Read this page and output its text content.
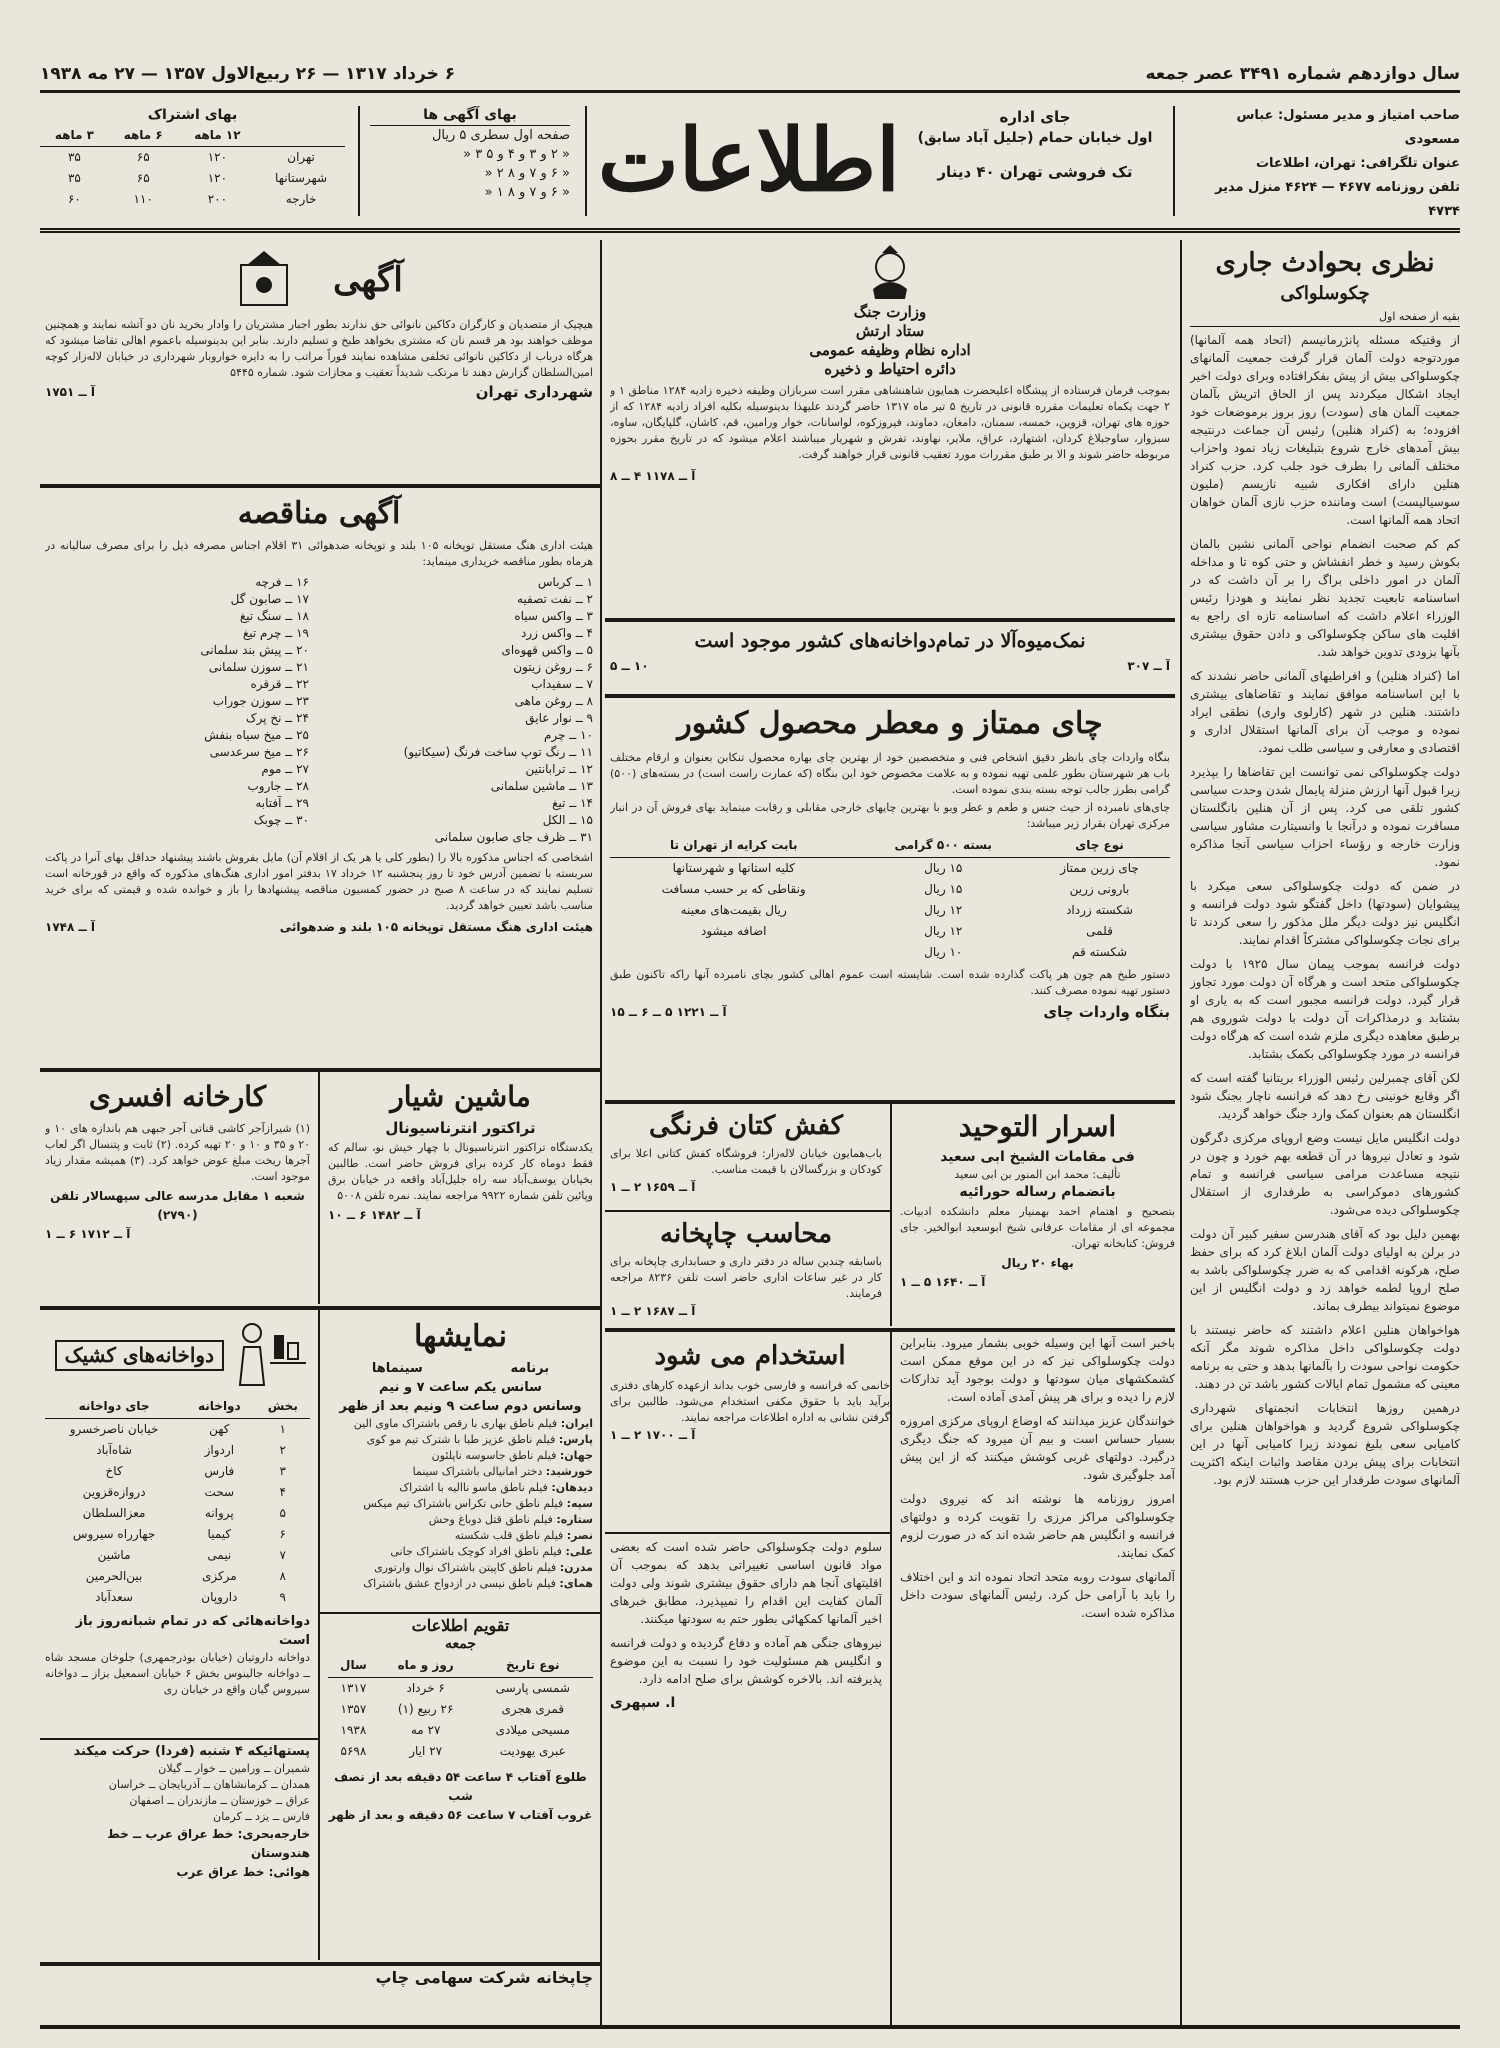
سال دوازدهم شماره ۳۴۹۱ عصر جمعه
۶ خرداد ۱۳۱۷ — ۲۶ ربیع‌الاول ۱۳۵۷ — ۲۷ مه ۱۹۳۸
صاحب امتیاز و مدیر مسئول: عباس مسعودی
عنوان تلگرافی: تهران، اطلاعات
تلفن روزنامه ۴۶۷۷ — ۴۶۲۴ منزل مدیر ۴۷۳۴
جای اداره
اول خیابان حمام (جلیل آباد سابق)
تک فروشی تهران ۴۰ دینار
اطلاعات
بهای آگهی ها
صفحه اول سطری ۵ ریال
« ۲ و ۳ و ۴ و ۵ ۳ «
« ۶ و ۷ و ۸ ۲ «
« ۶ و ۷ و ۸ ۱ «
بهای اشتراک
	۱۲ ماهه	۶ ماهه	۳ ماهه
تهران	۱۲۰	۶۵	۳۵
شهرستانها	۱۲۰	۶۵	۳۵
خارجه	۲۰۰	۱۱۰	۶۰
نظری بحوادث جاری
چکوسلواکی
بقیه از صفحه اول

از وقتیکه مسئله پانژرمانیسم (اتحاد همه آلمانها) موردتوجه دولت آلمان قرار گرفت جمعیت آلمانهای چکوسلواکی بیش از پیش بفکرافتاده وبرای دولت اخیر ایجاد اشکال میکردند پس از الحاق اتریش بآلمان جمعیت آلمان های (سودت) روز بروز برموضعات خود افزوده؛ به (کنراد هنلین) رئیس آن جماعت درنتیجه بیش آمدهای خارج شروع بتبلیغات زیاد نمود واحزاب مختلف آلمانی را بطرف خود جلب کرد. حزب کنراد هنلین دارای افکاری شبیه نازیسم (ملیون سوسیالیست) است وماننده حزب نازی آلمان خواهان اتحاد همه آلمانها است.

کم کم صحبت انضمام نواحی آلمانی نشین بالمان بکوش رسید و خطر انفشاش و حتی کوه تا و مداخله آلمان در امور داخلی براگ را بر آن داشت که در اساسنامه تابعیت تجدید نظر نمایند و هودزا رئیس الوزراء اعلام داشت که اساسنامه تازه ای راجع به اقلیت های ساکن چکوسلواکی و دادن حقوق بیشتری بآنها بزودی تدوین خواهد شد.

اما (کنراد هنلین) و افراطیهای آلمانی حاضر نشدند که با این اساسنامه موافق نمایند و تقاضاهای بیشتری داشتند. هنلین در شهر (کارلوی واری) نطقی ایراد نموده و موجب آن برای آلمانها استقلال اداری و اقتصادی و معارفی و سیاسی طلب نمود.

دولت چکوسلواکی نمی توانست این تقاضاها را بپذیرد زیرا قبول آنها ارزش منزلة پایمال شدن وحدت سیاسی کشور تلقی می کرد. پس از آن هنلین بانگلستان مسافرت نموده و درآنجا با وانسیتارت مشاور سیاسی وزارت خارجه و رؤساء احزاب سیاسی آنجا مذاکره نمود.

در ضمن که دولت چکوسلواکی سعی میکرد با پیشوایان (سودتها) داخل گفتگو شود دولت فرانسه و انگلیس نیز دولت دیگر ملل مذکور را سعی کردند تا برای نجات چکوسلواکی مشترکاً اقدام نمایند.

دولت فرانسه بموجب پیمان سال ۱۹۲۵ با دولت چکوسلواکی متحد است و هرگاه آن دولت مورد تجاوز قرار گیرد. دولت فرانسه مجبور است که به یاری او بشتابد و درمذاکرات آن دولت با دولت شوروی هم برطبق معاهده دیگری ملزم شده است که هرگاه دولت فرانسه در مورد چکوسلواکی بکمک بشتابد.

لکن آقای چمبرلین رئیس الوزراء بریتانیا گفته است که اگر وقایع خونینی رخ دهد که فرانسه ناچار بجنگ شود انگلستان هم بعنوان کمک وارد جنگ خواهد گردید.

دولت انگلیس مایل نیست وضع اروپای مرکزی دگرگون شود و تعادل نیروها در آن قطعه بهم خورد و چون در نتیجه مساعدت مرامی سیاسی فرانسه و تمام کشورهای دموکراسی به طرفداری از استقلال چکوسلواکی دیده می‌شود.

بهمین دلیل بود که آقای هندرسن سفیر کبیر آن دولت در برلن به اولیای دولت آلمان ابلاغ کرد که برای حفظ صلح، هرکونه اقدامی که به ضرر چکوسلواکی باشد به صلح اروپا لطمه خواهد زد و دولت انگلیس از این موضوع نمیتواند بیطرف بماند.

هواخواهان هنلین اعلام داشتند که حاضر نیستند با دولت چکوسلواکی داخل مذاکره شوند مگر آنکه حکومت نواحی سودت را بآلمانها بدهد و حتی به برنامه معینی که مشمول تمام ایالات کشور باشد تن در دهند.

درهمین روزها انتخابات انجمنهای شهرداری چکوسلواکی شروع گردید و هواخواهان هنلین برای کامیابی سعی بلیغ نمودند زیرا کامیابی آنها در این انتخابات برای پیش بردن مقاصد واثبات اینکه اکثریت آلمانهای سودت طرفدار این حزب هستند لازم بود.

وزارت جنگ
ستاد ارتش
اداره نظام وظیفه عمومی
دائره احتیاط و ذخیره

بموجب فرمان فرستاده از پیشگاه اعلیحضرت همایون شاهنشاهی مقرر است سربازان وظیفه ذخیره زادیه ۱۲۸۴ مناطق ۱ و ۲ جهت یکماه تعلیمات مقرره قانونی در تاریخ ۵ تیر ماه ۱۳۱۷ حاضر گردند علیهذا بدینوسیله بکلیه افراد زادیه ۱۲۸۴ که از حوزه های تهران، قزوین، خمسه، سمنان، دامغان، دماوند، فیروزکوه، لواسانات، خوار ورامین، قم، کاشان، گلپایگان، ساوه، سبزوار، ساوجبلاغ کردان، اشتهارد، عراق، ملایر، نهاوند، تفرش و شهریار میباشند اعلام میشود که در تاریخ مقرر بحوزه مربوطه حاضر شوند و الا بر طبق مقررات مورد تعقیب قانونی قرار خواهند گرفت.

آ ــ ۱۱۷۸ ۴ ــ ۸
نمک‌میوه‌آلا در تمام‌دواخانه‌های کشور موجود است
آ ــ ۳۰۷
۱۰ ــ ۵
چای ممتاز و معطر محصول کشور

بنگاه واردات چای بانظر دقیق اشخاص فنی و متخصصین خود از بهترین چای بهاره محصول تنکابن بعنوان و ارقام مختلف باب هر شهرستان بطور علمی تهیه نموده و به علامت مخصوص خود این بنگاه (که عمارت راست است) در بسته‌های (۵۰۰) گرامی بطرز جالب توجه بسته بندی نموده است.

چای‌های نامبرده از حیث جنس و طعم و عطر وبو با بهترین چایهای خارجی مقابلی و رقابت مینماید بهای فروش آن در انبار مرکزی تهران بقرار زیر میباشد:

نوع چای	بسته ۵۰۰ گرامی	بابت کرایه از تهران تا
چای زرین ممتاز	۱۵ ریال	کلیه استانها و شهرستانها
بارونی زرین	۱۵ ریال	ونقاطی که بر حسب مسافت
شکسته زرداد	۱۲ ریال	ریال بقیمت‌های معینه
قلمی	۱۲ ریال	اضافه میشود
شکسته قم	۱۰ ریال	

دستور طبخ هم چون هر پاکت گذارده شده است. شایسته است عموم اهالی کشور بچای نامبرده آنها راکه تاکنون طبق دستور تهیه نموده مصرف کنند.

بنگاه واردات چای
آ ــ ۱۲۲۱ ۵ ــ ۶ ــ ۱۵
اسرار التوحید
فی مقامات الشیخ ابی سعید
تألیف: محمد ابن المنور بن ابی سعید
باتضمام رساله حورائیه

بتصحیح و اهتمام احمد بهمنیار معلم دانشکده ادبیات. مجموعه ای از مقامات عرفانی شیخ ابوسعید ابوالخیر. جای فروش: کتابخانه تهران.

بهاء ۲۰ ریال
آ ــ ۱۶۴۰ ۵ ــ ۱
کفش کتان فرنگی

باب‌همایون خیابان لاله‌زار: فروشگاه کفش کتانی اعلا برای کودکان و بزرگسالان با قیمت مناسب.

آ ــ ۱۶۵۹ ۲ ــ ۱
محاسب چاپخانه

باسابقه چندین ساله در دفتر داری و حسابداری چاپخانه برای کار در غیر ساعات اداری حاضر است تلفن ۸۲۳۶ مراجعه فرمایند.

آ ــ ۱۶۸۷ ۲ ــ ۱
استخدام می شود

خانمی که فرانسه و فارسی خوب بداند ازعهده کارهای دفتری برآید باید با حقوق مکفی استخدام می‌شود. طالبین برای گرفتن نشانی به اداره اطلاعات مراجعه نمایند.

آ ــ ۱۷۰۰ ۲ ــ ۱

باخبر است آنها این وسیله خوبی بشمار میرود. بنابراین دولت چکوسلواکی نیز که در این موقع ممکن است کشمکشهای میان سودتها و دولت بوجود آید تدارکات لازم را دیده و برای هر پیش آمدی آماده است.

خوانندگان عزیز میدانند که اوضاع اروپای مرکزی امروزه بسیار حساس است و بیم آن میرود که جنگ دیگری درگیرد. دولتهای غربی کوشش میکنند که از این پیش آمد جلوگیری شود.

امروز روزنامه ها نوشته اند که نیروی دولت چکوسلواکی مراکز مرزی را تقویت کرده و دولتهای فرانسه و انگلیس هم حاضر شده اند که در صورت لزوم کمک نمایند.

آلمانهای سودت روبه متحد اتحاد نموده اند و این اختلاف را باید با آرامی حل کرد. رئیس آلمانهای سودت داخل مذاکره شده است.

سلوم دولت چکوسلواکی حاضر شده است که بعضی مواد قانون اساسی تغییراتی بدهد که بموجب آن اقلیتهای آنجا هم دارای حقوق بیشتری شوند ولی دولت آلمان کفایت این اقدام را نمیپذیرد. مطابق خبرهای اخیر آلمانها کمکهائی بطور حتم به سودتها میکنند.

نیروهای جنگی هم آماده و دفاع گردیده و دولت فرانسه و انگلیس هم مسئولیت خود را نسبت به این موضوع پذیرفته اند. بالاخره کوشش برای صلح ادامه دارد.

ا. سپهری
آگهی

هیچیک از متصدیان و کارگران دکاکین نانوائی حق ندارند بطور اجبار مشتریان را وادار بخرید نان دو آتشه نمایند و همچنین موظف خواهند بود هر قسم نان که مشتری بخواهد طبخ و تسلیم دارند. بنابر این بدینوسیله باعموم اهالی تقاضا میشود که هرگاه درباب از دکاکین نانوائی تخلفی مشاهده نمایند فوراً مراتب را به دایره خواروبار شهرداری در خیابان لاله‌زار کوچه امین‌السلطان گزارش دهند تا مرتکب شدیداً تعقیب و مجازات شود. شماره ۵۴۴۵

شهرداری تهران
آ ــ ۱۷۵۱
آگهی مناقصه

هیئت اداری هنگ مستقل توپخانه ۱۰۵ بلند و توپخانه ضدهوائی ۳۱ اقلام اجناس مصرفه ذیل را برای مصرف سالیانه در هرماه بطور مناقصه خریداری مینماید:

۱ ــ کرباس
۲ ــ نفت تصفیه
۳ ــ واکس سیاه
۴ ــ واکس زرد
۵ ــ واکس قهوه‌ای
۶ ــ روغن زیتون
۷ ــ سفیداب
۸ ــ روغن ماهی
۹ ــ نوار عایق
۱۰ ــ چرم
۱۱ ــ رنگ توپ ساخت فرنگ (سیکاتیو)
۱۲ ــ ترابانتین
۱۳ ــ ماشین سلمانی
۱۴ ــ تیغ
۱۵ ــ الکل
۱۶ ــ فرچه
۱۷ ــ صابون گل
۱۸ ــ سنگ تیغ
۱۹ ــ چرم تیغ
۲۰ ــ پیش بند سلمانی
۲۱ ــ سوزن سلمانی
۲۲ ــ قرقره
۲۳ ــ سوزن جوراب
۲۴ ــ نخ پرک
۲۵ ــ میخ سیاه بنفش
۲۶ ــ میخ سرعدسی
۲۷ ــ موم
۲۸ ــ جاروب
۲۹ ــ آفتابه
۳۰ ــ چوبک
۳۱ ــ ظرف جای صابون سلمانی

اشخاصی که اجناس مذکوره بالا را (بطور کلی یا هر یک از اقلام آن) مایل بفروش باشند پیشنهاد حداقل بهای آنرا در پاکت سربسته با تضمین آدرس خود تا روز پنجشنبه ۱۲ خرداد ۱۷ بدفتر امور اداری هنگ‌های مذکوره که واقع در قورخانه است تسلیم نمایند که در ساعت ۸ صبح در حضور کمسیون مناقصه پیشنهادها را باز و خوانده شده و قیمتی که برای خرید مناسب باشد تعیین خواهد گردید.

هیئت اداری هنگ مستقل توپخانه ۱۰۵ بلند و ضدهوائی
آ ــ ۱۷۴۸
ماشین شیار
تراکتور انترناسیونال

یکدستگاه تراکتور انترناسیونال با چهار خیش نو، سالم که فقط دوماه کار کرده برای فروش حاضر است. طالبین بخیابان یوسف‌آباد سه راه جلیل‌آباد واقعه در خیابان برق وپائین تلفن شماره ۹۹۲۲ مراجعه نمایند. نمره تلفن ۵۰۰۸

آ ــ ۱۴۸۲ ۶ ــ ۱۰
کارخانه افسری

(۱) شیرازآجر کاشی قناتی آجر جبهی هم باندازه های ۱۰ و ۲۰ و ۳۵ و ۱۰ و ۲۰ تهیه کرده. (۲) ثابت و پتنسال اگر لعاب آجرها ریخت مبلغ عوض خواهد کرد. (۳) همیشه مقدار زیاد موجود است.

شعبه ۱ مقابل مدرسه عالی سپهسالار تلفن (۲۷۹۰)
آ ــ ۱۷۱۲ ۶ ــ ۱
نمایشها
برنامه
سینماها
سانس یکم ساعت ۷ و نیم
وسانس دوم ساعت ۹ ونیم بعد از ظهر
ایران: فیلم ناطق بهاری با رقص باشتراک ماوی الین
پارس: فیلم ناطق عزیز طبا با شترک تیم مو کوی
جهان: فیلم ناطق جاسوسه ناپلئون
خورشید: دختر امانیالی باشتراک سینما
دیدهان: فیلم ناطق ماسو ناالیه با اشتراک
سپه: فیلم ناطق حانی تکراس باشتراک تیم میکس
ستاره: فیلم ناطق قتل دوباغ وحش
نصر: فیلم ناطق قلب شکسته
علی: فیلم ناطق افراد کوچک باشتراک جانی
مدرن: فیلم ناطق کاپیتن باشتراک نوال وارتوری
همای: فیلم ناطق نیسی در ازدواج عشق باشتراک
تقویم اطلاعات
جمعه
نوع تاریخ	روز و ماه	سال
شمسی پارسی	۶ خرداد	۱۳۱۷
قمری هجری	۲۶ ربیع (۱)	۱۳۵۷
مسیحی میلادی	۲۷ مه	۱۹۳۸
عبری یهودیت	۲۷ ایار	۵۶۹۸
طلوع آفتاب ۴ ساعت ۵۴ دقیقه بعد از نصف شب
غروب آفتاب ۷ ساعت ۵۶ دقیقه و بعد از ظهر
دواخانه‌های کشیک
بخش	دواخانه	جای دواخانه
۱	کهن	خیابان ناصرخسرو
۲	اردواز	شاه‌آباد
۳	فارس	کاخ
۴	سحت	دروازه‌قزوین
۵	پروانه	معزالسلطان
۶	کیمیا	جهارراه سیروس
۷	نیمی	ماشین
۸	مرکزی	بین‌الحرمین
۹	داروپان	سعدآباد
دواخانه‌هائی که در تمام شبانه‌روز باز است

دواخانه داروتیان (خیابان بوذرجمهری) جلوخان مسجد شاه ــ دواخانه جالینوس بخش ۶ خیابان اسمعیل بزاز ــ دواخانه سیروس گیان واقع در خیابان ری

پستهائیکه ۴ شنبه (فردا) حرکت میکند
شمیران ــ ورامین ــ خوار ــ گیلان
همدان ــ کرمانشاهان ــ آذربایجان ــ خراسان
عراق ــ خوزستان ــ مازندران ــ اصفهان
فارس ــ یزد ــ کرمان
خارجه‌بحری: خط عراق عرب ــ خط هندوستان
هوائی: خط عراق عرب
چاپخانه شرکت سهامی چاپ
